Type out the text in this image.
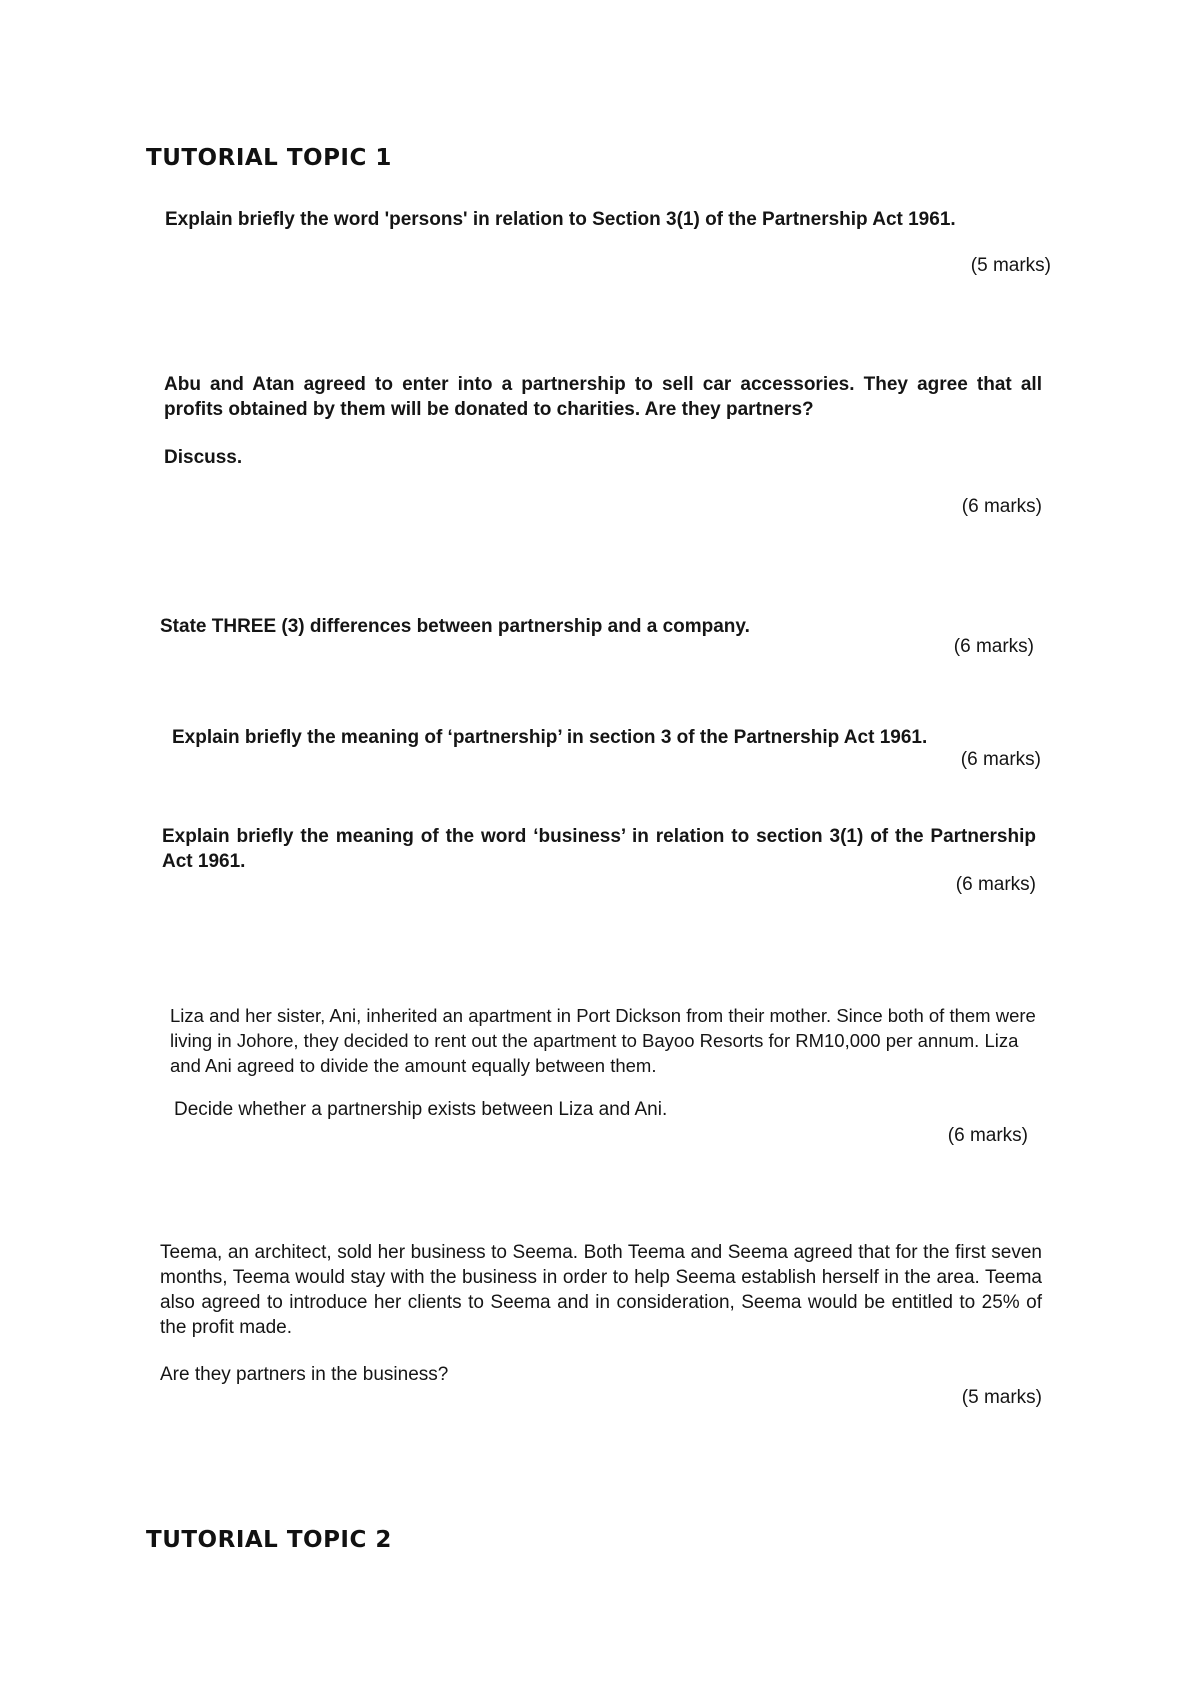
TUTORIAL TOPIC 1

Explain briefly the word 'persons' in relation to Section 3(1) of the Partnership Act 1961.

(5 marks)

Abu and Atan agreed to enter into a partnership to sell car accessories. They agree that all profits obtained by them will be donated to charities. Are they partners?

Discuss.

(6 marks)

State THREE (3) differences between partnership and a company.

(6 marks)

Explain briefly the meaning of ‘partnership’ in section 3 of the Partnership Act 1961.

(6 marks)

Explain briefly the meaning of the word ‘business’ in relation to section 3(1) of the Partnership Act 1961.

(6 marks)

Liza and her sister, Ani, inherited an apartment in Port Dickson from their mother. Since both of them were living in Johore, they decided to rent out the apartment to Bayoo Resorts for RM10,000 per annum. Liza and Ani agreed to divide the amount equally between them.

Decide whether a partnership exists between Liza and Ani.

(6 marks)

Teema, an architect, sold her business to Seema. Both Teema and Seema agreed that for the first seven months, Teema would stay with the business in order to help Seema establish herself in the area. Teema also agreed to introduce her clients to Seema and in consideration, Seema would be entitled to 25% of the profit made.

Are they partners in the business?

(5 marks)

TUTORIAL TOPIC 2
